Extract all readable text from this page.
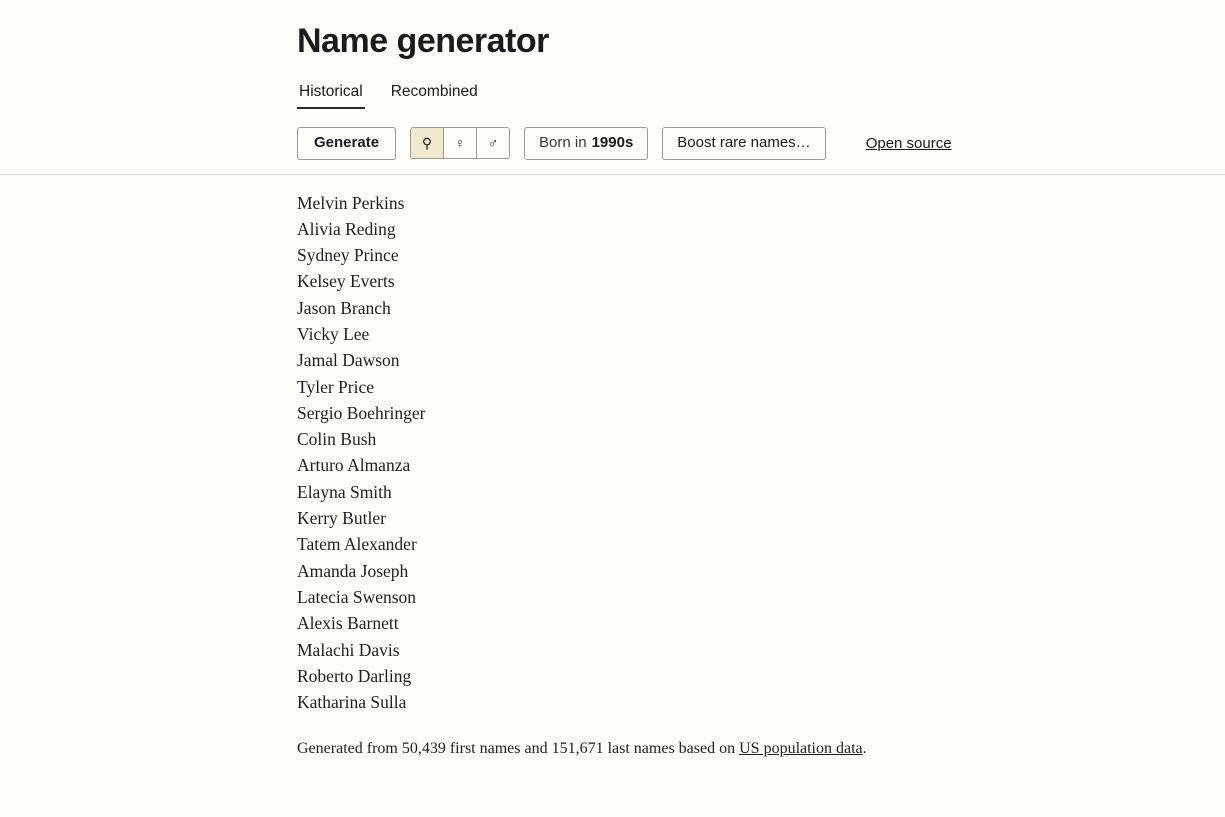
Name generator
Historical Recombined
Generate	⚲ ♀ ♂	Born in 1990s	Boost rare names…	Open source
Melvin Perkins
Alivia Reding
Sydney Prince
Kelsey Everts
Jason Branch
Vicky Lee
Jamal Dawson
Tyler Price
Sergio Boehringer
Colin Bush
Arturo Almanza
Elayna Smith
Kerry Butler
Tatem Alexander
Amanda Joseph
Latecia Swenson
Alexis Barnett
Malachi Davis
Roberto Darling
Katharina Sulla
Generated from 50,439 first names and 151,671 last names based on US population data.
